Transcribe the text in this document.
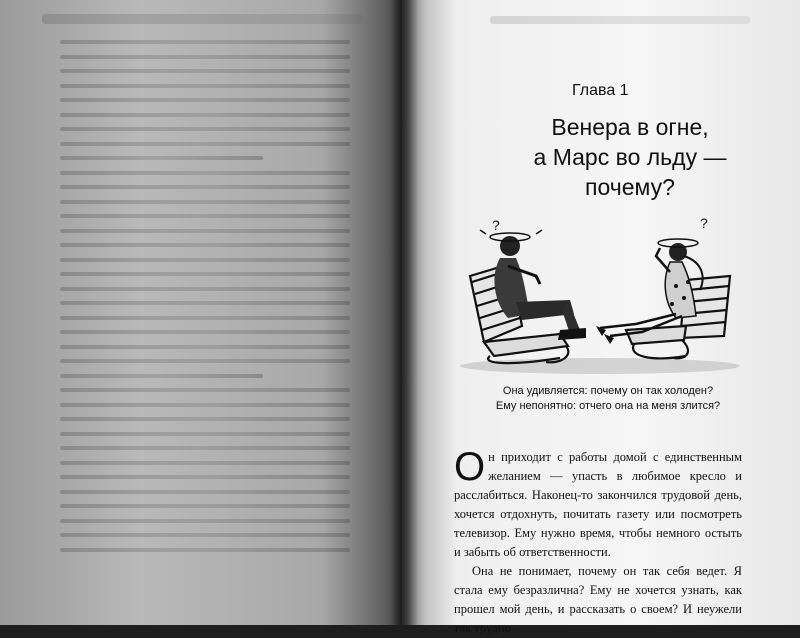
Глава 1
Венера в огне,
а Марс во льду — почему?
?	?
Она удивляется: почему он так холоден?
Ему непонятно: отчего она на меня злится?

Он приходит с работы домой с единственным желанием — упасть в любимое кресло и расслабиться. Наконец-то закончился трудовой день, хочется отдохнуть, почитать газету или посмотреть телевизор. Ему нужно время, чтобы немного остыть и забыть об ответственности.

Она не понимает, почему он так себя ведет. Я стала ему безразлична? Ему не хочется узнать, как прошел мой день, и рассказать о своем? И неужели так трудно
